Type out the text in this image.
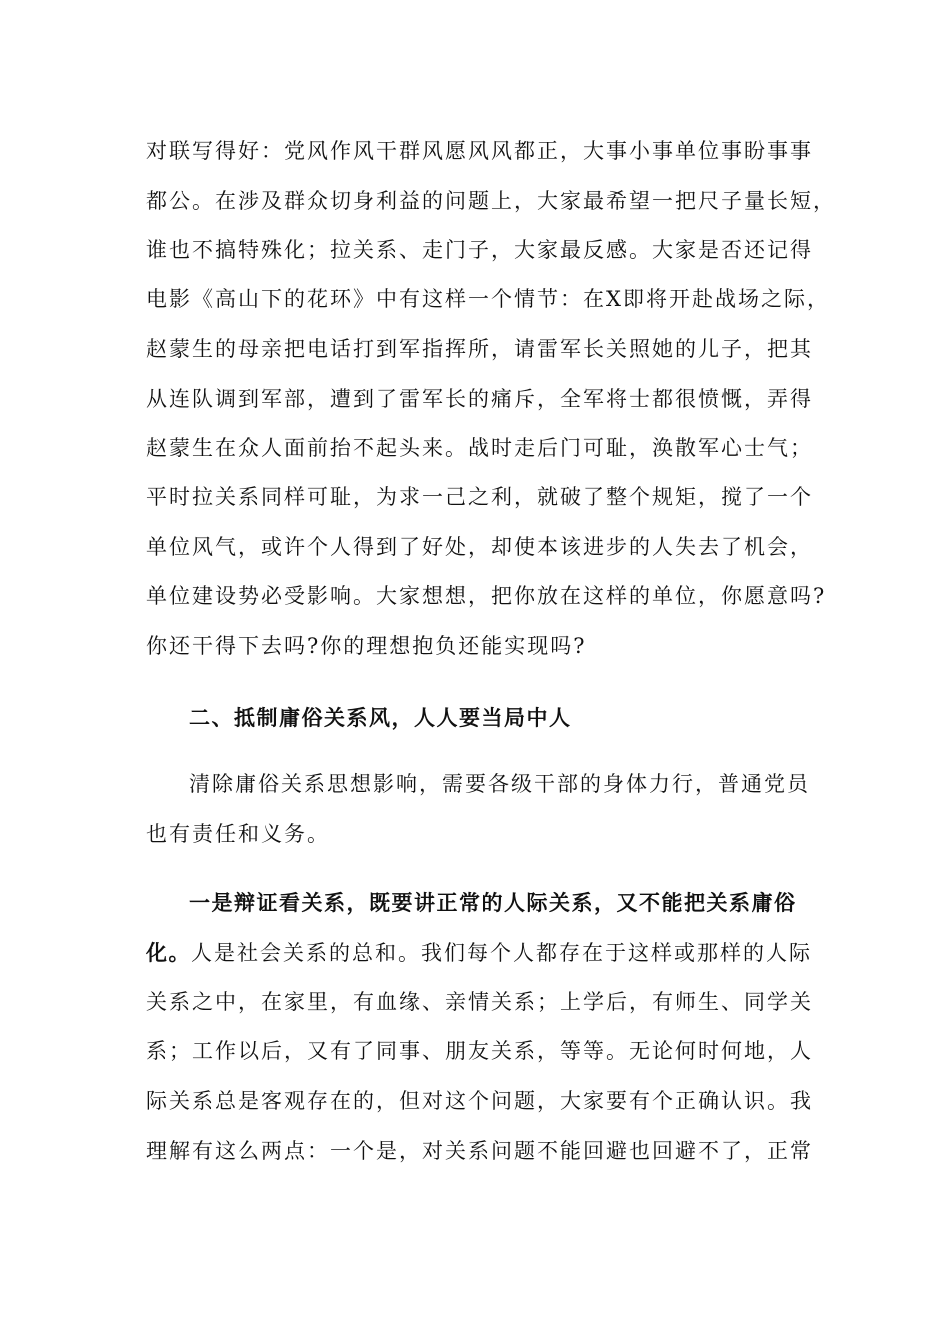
对联写得好：党风作风干群风愿风风都正，大事小事单位事盼事事
都公。在涉及群众切身利益的问题上，大家最希望一把尺子量长短，
谁也不搞特殊化；拉关系、走门子，大家最反感。大家是否还记得
电影《高山下的花环》中有这样一个情节：在X即将开赴战场之际，
赵蒙生的母亲把电话打到军指挥所，请雷军长关照她的儿子，把其
从连队调到军部，遭到了雷军长的痛斥，全军将士都很愤慨，弄得
赵蒙生在众人面前抬不起头来。战时走后门可耻，涣散军心士气；
平时拉关系同样可耻，为求一己之利，就破了整个规矩，搅了一个
单位风气，或许个人得到了好处，却使本该进步的人失去了机会，
单位建设势必受影响。大家想想，把你放在这样的单位，你愿意吗?
你还干得下去吗?你的理想抱负还能实现吗?
二、抵制庸俗关系风，人人要当局中人
清除庸俗关系思想影响，需要各级干部的身体力行，普通党员
也有责任和义务。
一是辩证看关系，既要讲正常的人际关系，又不能把关系庸俗
化。人是社会关系的总和。我们每个人都存在于这样或那样的人际
关系之中，在家里，有血缘、亲情关系；上学后，有师生、同学关
系；工作以后，又有了同事、朋友关系，等等。无论何时何地，人
际关系总是客观存在的，但对这个问题，大家要有个正确认识。我
理解有这么两点：一个是，对关系问题不能回避也回避不了，正常
